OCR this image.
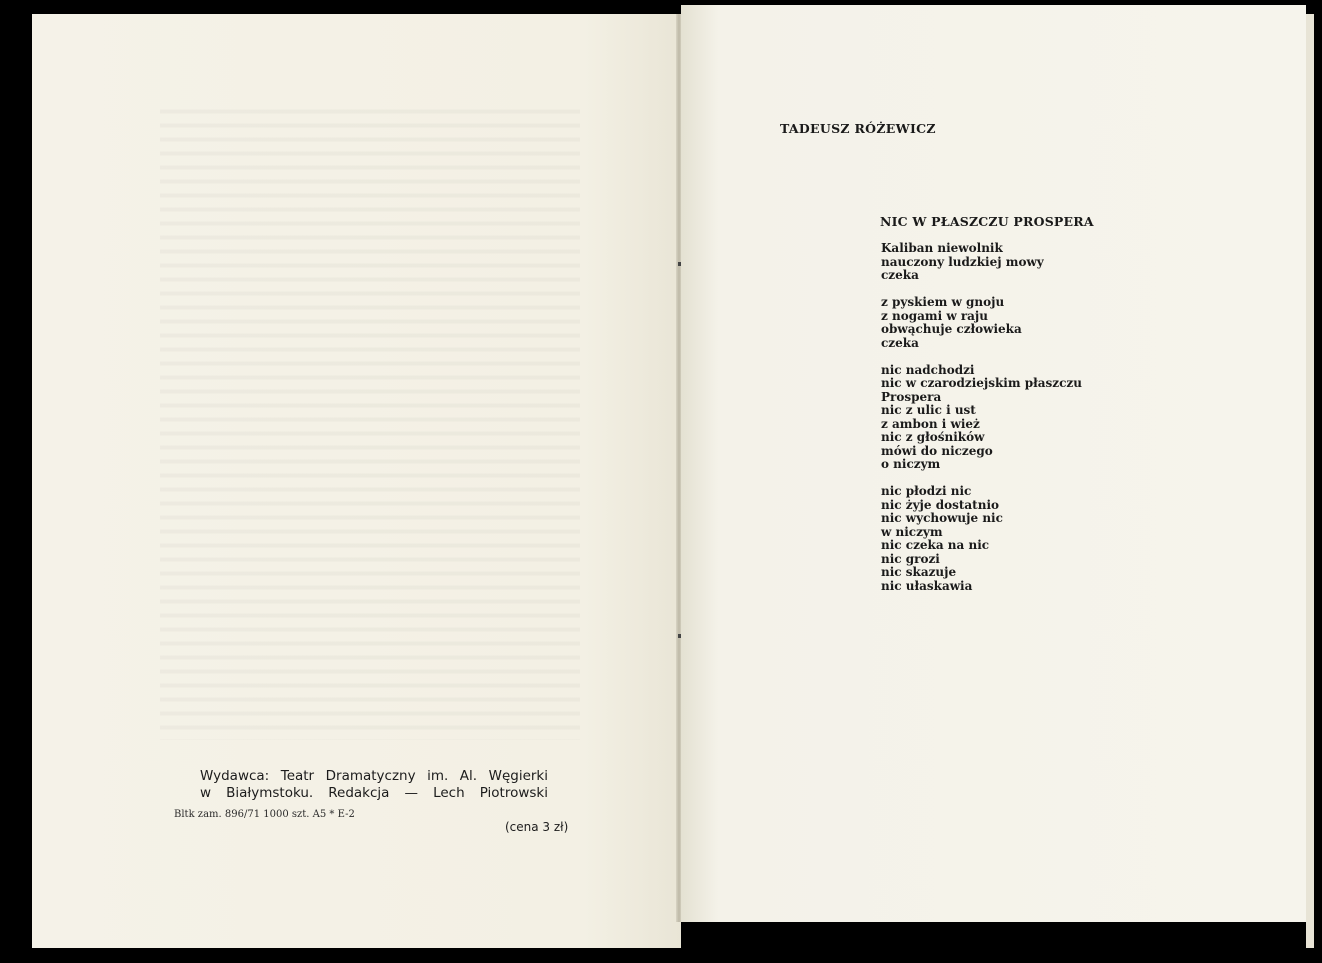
Wydawca: Teatr Dramatyczny im. Al. Węgierki
w Białymstoku. Redakcja — Lech Piotrowski
Bltk zam. 896/71 1000 szt. A5 * E-2
(cena 3 zł)
TADEUSZ RÓŻEWICZ
NIC W PŁASZCZU PROSPERA
Kaliban niewolnik
nauczony ludzkiej mowy
czeka
z pyskiem w gnoju
z nogami w raju
obwąchuje człowieka
czeka
nic nadchodzi
nic w czarodziejskim płaszczu
Prospera
nic z ulic i ust
z ambon i wież
nic z głośników
mówi do niczego
o niczym
nic płodzi nic
nic żyje dostatnio
nic wychowuje nic
w niczym
nic czeka na nic
nic grozi
nic skazuje
nic ułaskawia
